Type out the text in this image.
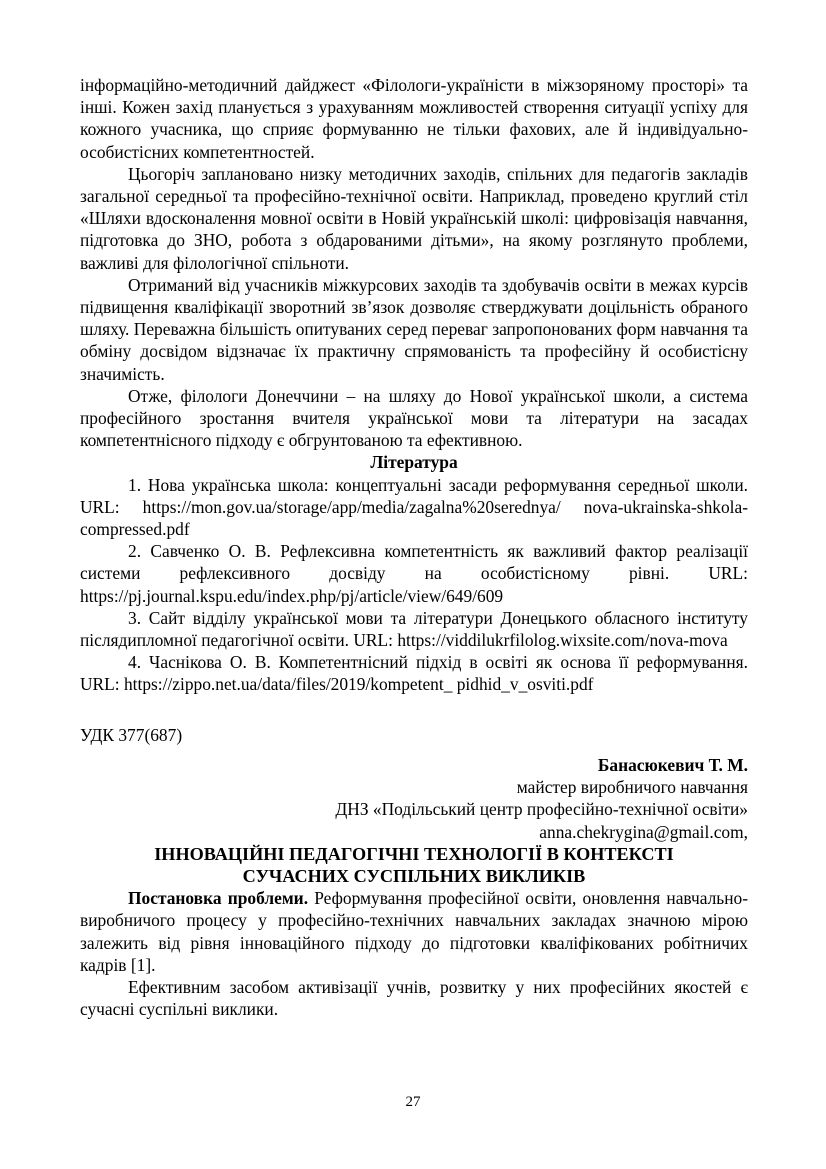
інформаційно-методичний дайджест «Філологи-україністи в міжзоряному просторі» та інші. Кожен захід планується з урахуванням можливостей створення ситуації успіху для кожного учасника, що сприяє формуванню не тільки фахових, але й індивідуально-особистісних компетентностей.

Цьогоріч заплановано низку методичних заходів, спільних для педагогів закладів загальної середньої та професійно-технічної освіти. Наприклад, проведено круглий стіл «Шляхи вдосконалення мовної освіти в Новій українській школі: цифровізація навчання, підготовка до ЗНО, робота з обдарованими дітьми», на якому розглянуто проблеми, важливі для філологічної спільноти.

Отриманий від учасників міжкурсових заходів та здобувачів освіти в межах курсів підвищення кваліфікації зворотний зв’язок дозволяє стверджувати доцільність обраного шляху. Переважна більшість опитуваних серед переваг запропонованих форм навчання та обміну досвідом відзначає їх практичну спрямованість та професійну й особистісну значимість.

Отже, філологи Донеччини – на шляху до Нової української школи, а система професійного зростання вчителя української мови та літератури на засадах компетентнісного підходу є обгрунтованою та ефективною.

Література

1. Нова українська школа: концептуальні засади реформування середньої школи. URL: https://mon.gov.ua/storage/app/media/zagalna%20serednya/ nova-ukrainska-shkola-compressed.pdf

2. Савченко О. В. Рефлексивна компетентність як важливий фактор реалізації системи рефлексивного досвіду на особистісному рівні. URL: https://pj.journal.kspu.edu/index.php/pj/article/view/649/609

3. Сайт відділу української мови та літератури Донецького обласного інституту післядипломної педагогічної освіти. URL: https://viddilukrfilolog.wixsite.com/nova-mova

4. Часнікова О. В. Компетентнісний підхід в освіті як основа її реформування. URL: https://zippo.net.ua/data/files/2019/kompetent_ pidhid_v_osviti.pdf

УДК 377(687)

Банасюкевич Т. М.

майстер виробничого навчання

ДНЗ «Подільський центр професійно-технічної освіти»

anna.chekrygina@gmail.com,

ІННОВАЦІЙНІ ПЕДАГОГІЧНІ ТЕХНОЛОГІЇ В КОНТЕКСТІ

СУЧАСНИХ СУСПІЛЬНИХ ВИКЛИКІВ

Постановка проблеми. Реформування професійної освіти, оновлення навчально-виробничого процесу у професійно-технічних навчальних закладах значною мірою залежить від рівня інноваційного підходу до підготовки кваліфікованих робітничих кадрів [1].

Ефективним засобом активізації учнів, розвитку у них професійних якостей є сучасні суспільні виклики.

27
